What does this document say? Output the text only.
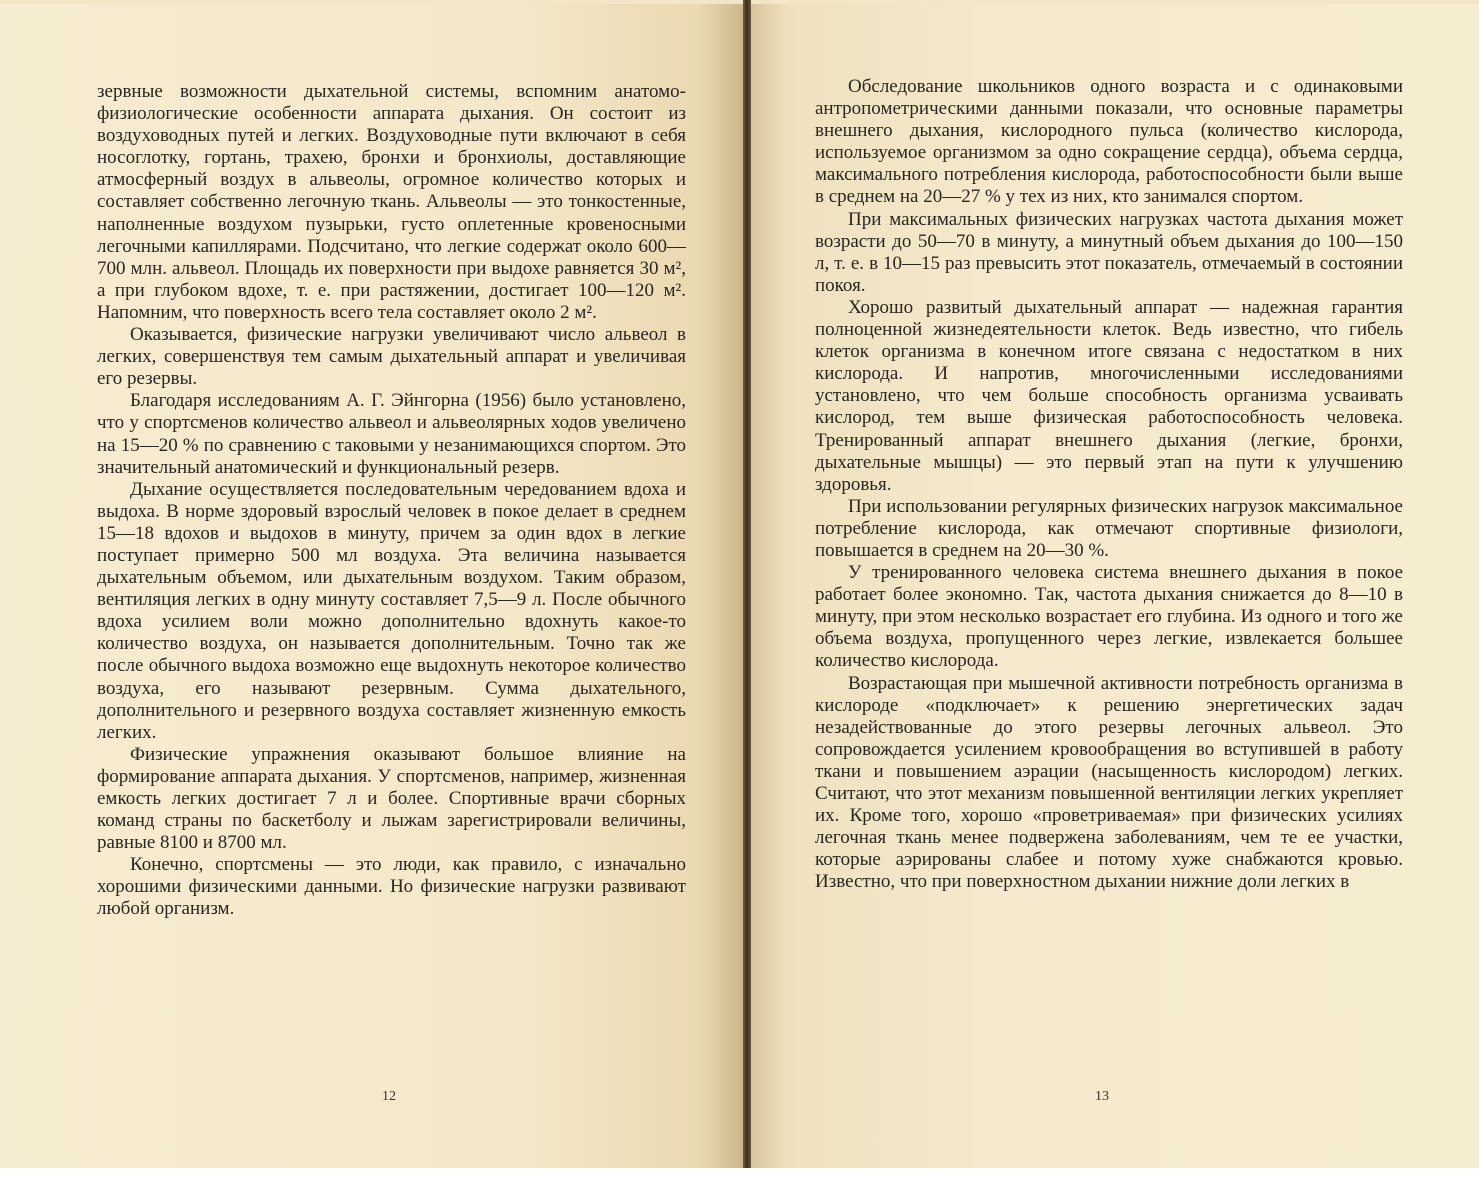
зервные возможности дыхательной системы, вспомним анатомо-физиологические особенности аппарата дыхания. Он состоит из воздуховодных путей и легких. Воздуховодные пути включают в себя носоглотку, гортань, трахею, бронхи и бронхиолы, доставляющие атмосферный воздух в альвеолы, огромное количество которых и составляет собственно легочную ткань. Альвеолы — это тонкостенные, наполненные воздухом пузырьки, густо оплетенные кровеносными легочными капиллярами. Подсчитано, что легкие содержат около 600—700 млн. альвеол. Площадь их поверхности при выдохе равняется 30 м², а при глубоком вдохе, т. е. при растяжении, достигает 100—120 м². Напомним, что поверхность всего тела составляет около 2 м².

Оказывается, физические нагрузки увеличивают число альвеол в легких, совершенствуя тем самым дыхательный аппарат и увеличивая его резервы.

Благодаря исследованиям А. Г. Эйнгорна (1956) было установлено, что у спортсменов количество альвеол и альвеолярных ходов увеличено на 15—20 % по сравнению с таковыми у незанимающихся спортом. Это значительный анатомический и функциональный резерв.

Дыхание осуществляется последовательным чередованием вдоха и выдоха. В норме здоровый взрослый человек в покое делает в среднем 15—18 вдохов и выдохов в минуту, причем за один вдох в легкие поступает примерно 500 мл воздуха. Эта величина называется дыхательным объемом, или дыхательным воздухом. Таким образом, вентиляция легких в одну минуту составляет 7,5—9 л. После обычного вдоха усилием воли можно дополнительно вдохнуть какое-то количество воздуха, он называется дополнительным. Точно так же после обычного выдоха возможно еще выдохнуть некоторое количество воздуха, его называют резервным. Сумма дыхательного, дополнительного и резервного воздуха составляет жизненную емкость легких.

Физические упражнения оказывают большое влияние на формирование аппарата дыхания. У спортсменов, например, жизненная емкость легких достигает 7 л и более. Спортивные врачи сборных команд страны по баскетболу и лыжам зарегистрировали величины, равные 8100 и 8700 мл.

Конечно, спортсмены — это люди, как правило, с изначально хорошими физическими данными. Но физические нагрузки развивают любой организм.

12

Обследование школьников одного возраста и с одинаковыми антропометрическими данными показали, что основные параметры внешнего дыхания, кислородного пульса (количество кислорода, используемое организмом за одно сокращение сердца), объема сердца, максимального потребления кислорода, работоспособности были выше в среднем на 20—27 % у тех из них, кто занимался спортом.

При максимальных физических нагрузках частота дыхания может возрасти до 50—70 в минуту, а минутный объем дыхания до 100—150 л, т. е. в 10—15 раз превысить этот показатель, отмечаемый в состоянии покоя.

Хорошо развитый дыхательный аппарат — надежная гарантия полноценной жизнедеятельности клеток. Ведь известно, что гибель клеток организма в конечном итоге связана с недостатком в них кислорода. И напротив, многочисленными исследованиями установлено, что чем больше способность организма усваивать кислород, тем выше физическая работоспособность человека. Тренированный аппарат внешнего дыхания (легкие, бронхи, дыхательные мышцы) — это первый этап на пути к улучшению здоровья.

При использовании регулярных физических нагрузок максимальное потребление кислорода, как отмечают спортивные физиологи, повышается в среднем на 20—30 %.

У тренированного человека система внешнего дыхания в покое работает более экономно. Так, частота дыхания снижается до 8—10 в минуту, при этом несколько возрастает его глубина. Из одного и того же объема воздуха, пропущенного через легкие, извлекается большее количество кислорода.

Возрастающая при мышечной активности потребность организма в кислороде «подключает» к решению энергетических задач незадействованные до этого резервы легочных альвеол. Это сопровождается усилением кровообращения во вступившей в работу ткани и повышением аэрации (насыщенность кислородом) легких. Считают, что этот механизм повышенной вентиляции легких укрепляет их. Кроме того, хорошо «проветриваемая» при физических усилиях легочная ткань менее подвержена заболеваниям, чем те ее участки, которые аэрированы слабее и потому хуже снабжаются кровью. Известно, что при поверхностном дыхании нижние доли легких в

13
